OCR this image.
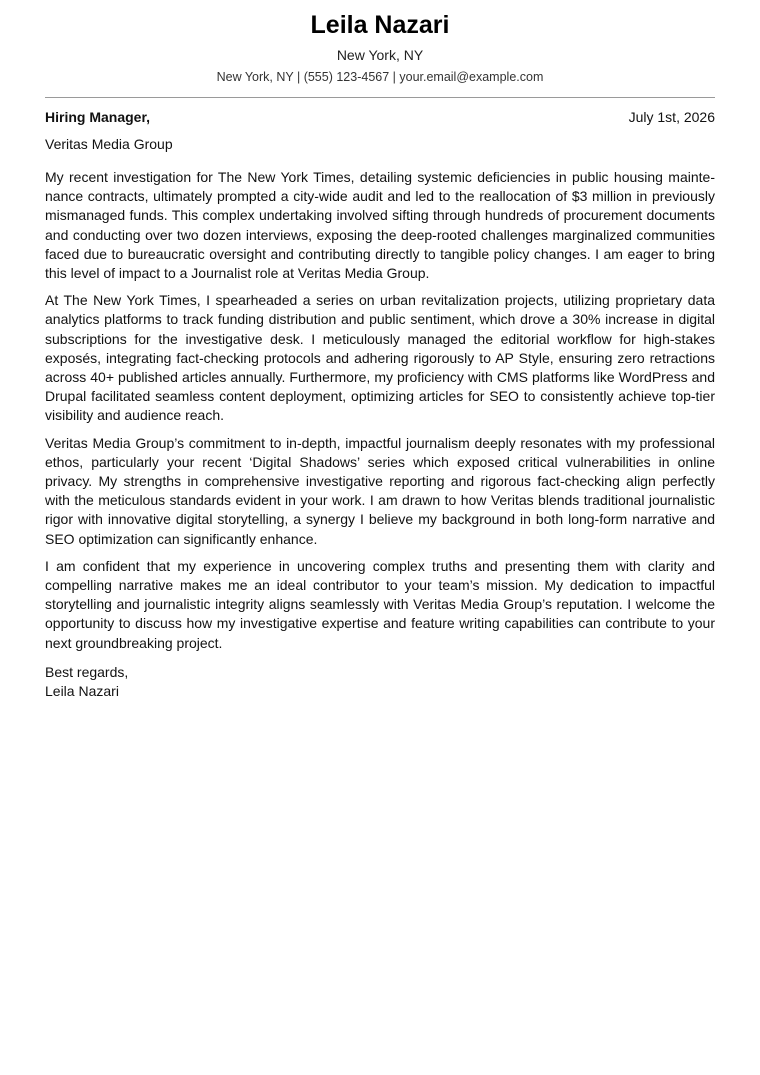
Leila Nazari
New York, NY
New York, NY | (555) 123-4567 | your.email@example.com
Hiring Manager,	July 1st, 2026
Veritas Media Group

My recent investigation for The New York Times, detailing systemic deficiencies in public housing maintenance contracts, ultimately prompted a city-wide audit and led to the reallocation of $3 million in previously mismanaged funds. This complex undertaking involved sifting through hundreds of procurement documents and conducting over two dozen interviews, exposing the deep-rooted challenges marginalized communities faced due to bureaucratic oversight and contributing directly to tangible policy changes. I am eager to bring this level of impact to a Journalist role at Veritas Media Group.

At The New York Times, I spearheaded a series on urban revitalization projects, utilizing proprietary data analytics platforms to track funding distribution and public sentiment, which drove a 30% increase in digital subscriptions for the investigative desk. I meticulously managed the editorial workflow for high-stakes exposés, integrating fact-checking protocols and adhering rigorously to AP Style, ensuring zero retractions across 40+ published articles annually. Furthermore, my proficiency with CMS platforms like WordPress and Drupal facilitated seamless content deployment, optimizing articles for SEO to consistently achieve top-tier visibility and audience reach.

Veritas Media Group’s commitment to in-depth, impactful journalism deeply resonates with my professional ethos, particularly your recent ‘Digital Shadows’ series which exposed critical vulnerabilities in online privacy. My strengths in comprehensive investigative reporting and rigorous fact-checking align perfectly with the meticulous standards evident in your work. I am drawn to how Veritas blends traditional journalistic rigor with innovative digital storytelling, a synergy I believe my background in both long-form narrative and SEO optimization can significantly enhance.

I am confident that my experience in uncovering complex truths and presenting them with clarity and compelling narrative makes me an ideal contributor to your team’s mission. My dedication to impactful storytelling and journalistic integrity aligns seamlessly with Veritas Media Group’s reputation. I welcome the opportunity to discuss how my investigative expertise and feature writing capabilities can contribute to your next groundbreaking project.

Best regards,
Leila Nazari
